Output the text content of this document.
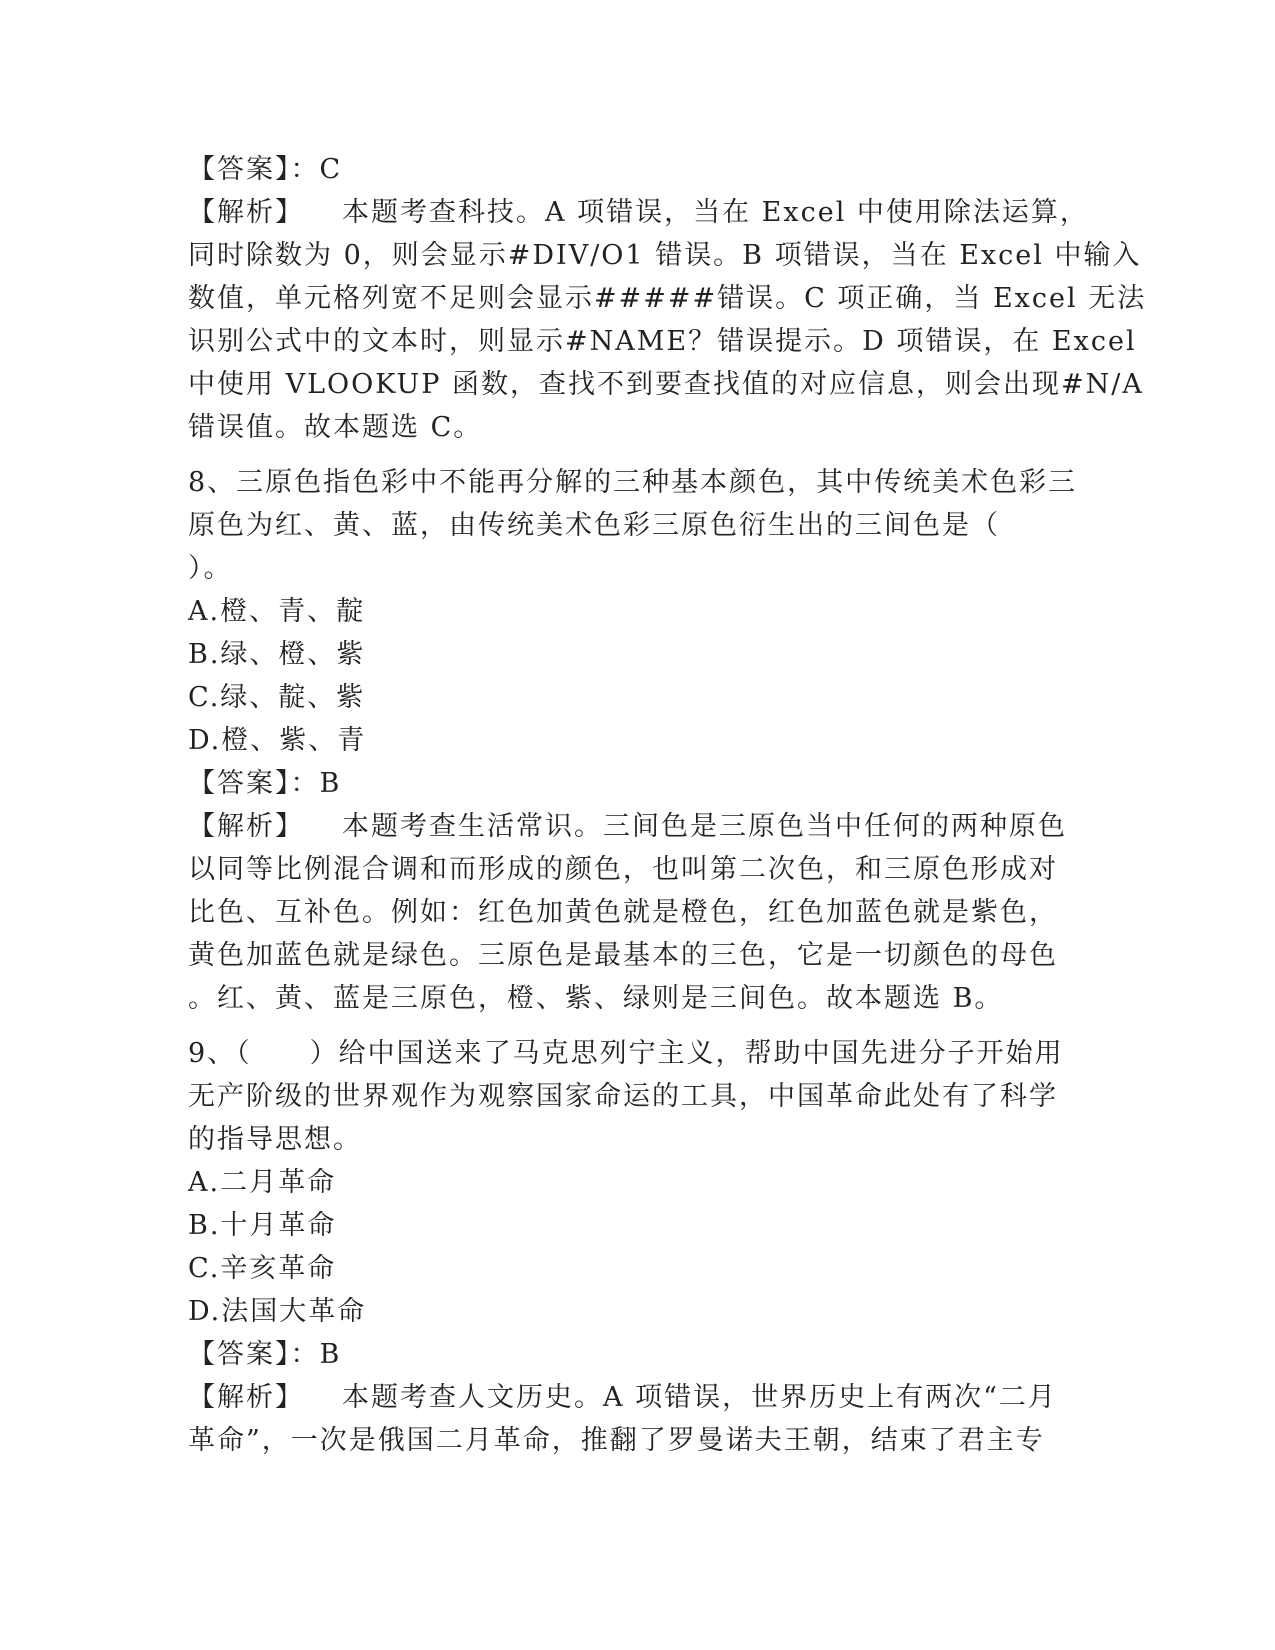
【答案】：C
【解析】 本题考查科技。A 项错误，当在 Excel 中使用除法运算，
同时除数为 0，则会显示#DIV/O1 错误。B 项错误，当在 Excel 中输入
数值，单元格列宽不足则会显示#####错误。C 项正确，当 Excel 无法
识别公式中的文本时，则显示#NAME？错误提示。D 项错误，在 Excel
中使用 VLOOKUP 函数，查找不到要查找值的对应信息，则会出现#N/A
错误值。故本题选 C。
8、三原色指色彩中不能再分解的三种基本颜色，其中传统美术色彩三
原色为红、黄、蓝，由传统美术色彩三原色衍生出的三间色是（
）。
A.橙、青、靛
B.绿、橙、紫
C.绿、靛、紫
D.橙、紫、青
【答案】：B
【解析】 本题考查生活常识。三间色是三原色当中任何的两种原色
以同等比例混合调和而形成的颜色，也叫第二次色，和三原色形成对
比色、互补色。例如：红色加黄色就是橙色，红色加蓝色就是紫色，
黄色加蓝色就是绿色。三原色是最基本的三色，它是一切颜色的母色
。红、黄、蓝是三原色，橙、紫、绿则是三间色。故本题选 B。
9、（　　）给中国送来了马克思列宁主义，帮助中国先进分子开始用
无产阶级的世界观作为观察国家命运的工具，中国革命此处有了科学
的指导思想。
A.二月革命
B.十月革命
C.辛亥革命
D.法国大革命
【答案】：B
【解析】 本题考查人文历史。A 项错误，世界历史上有两次“二月
革命”，一次是俄国二月革命，推翻了罗曼诺夫王朝，结束了君主专
